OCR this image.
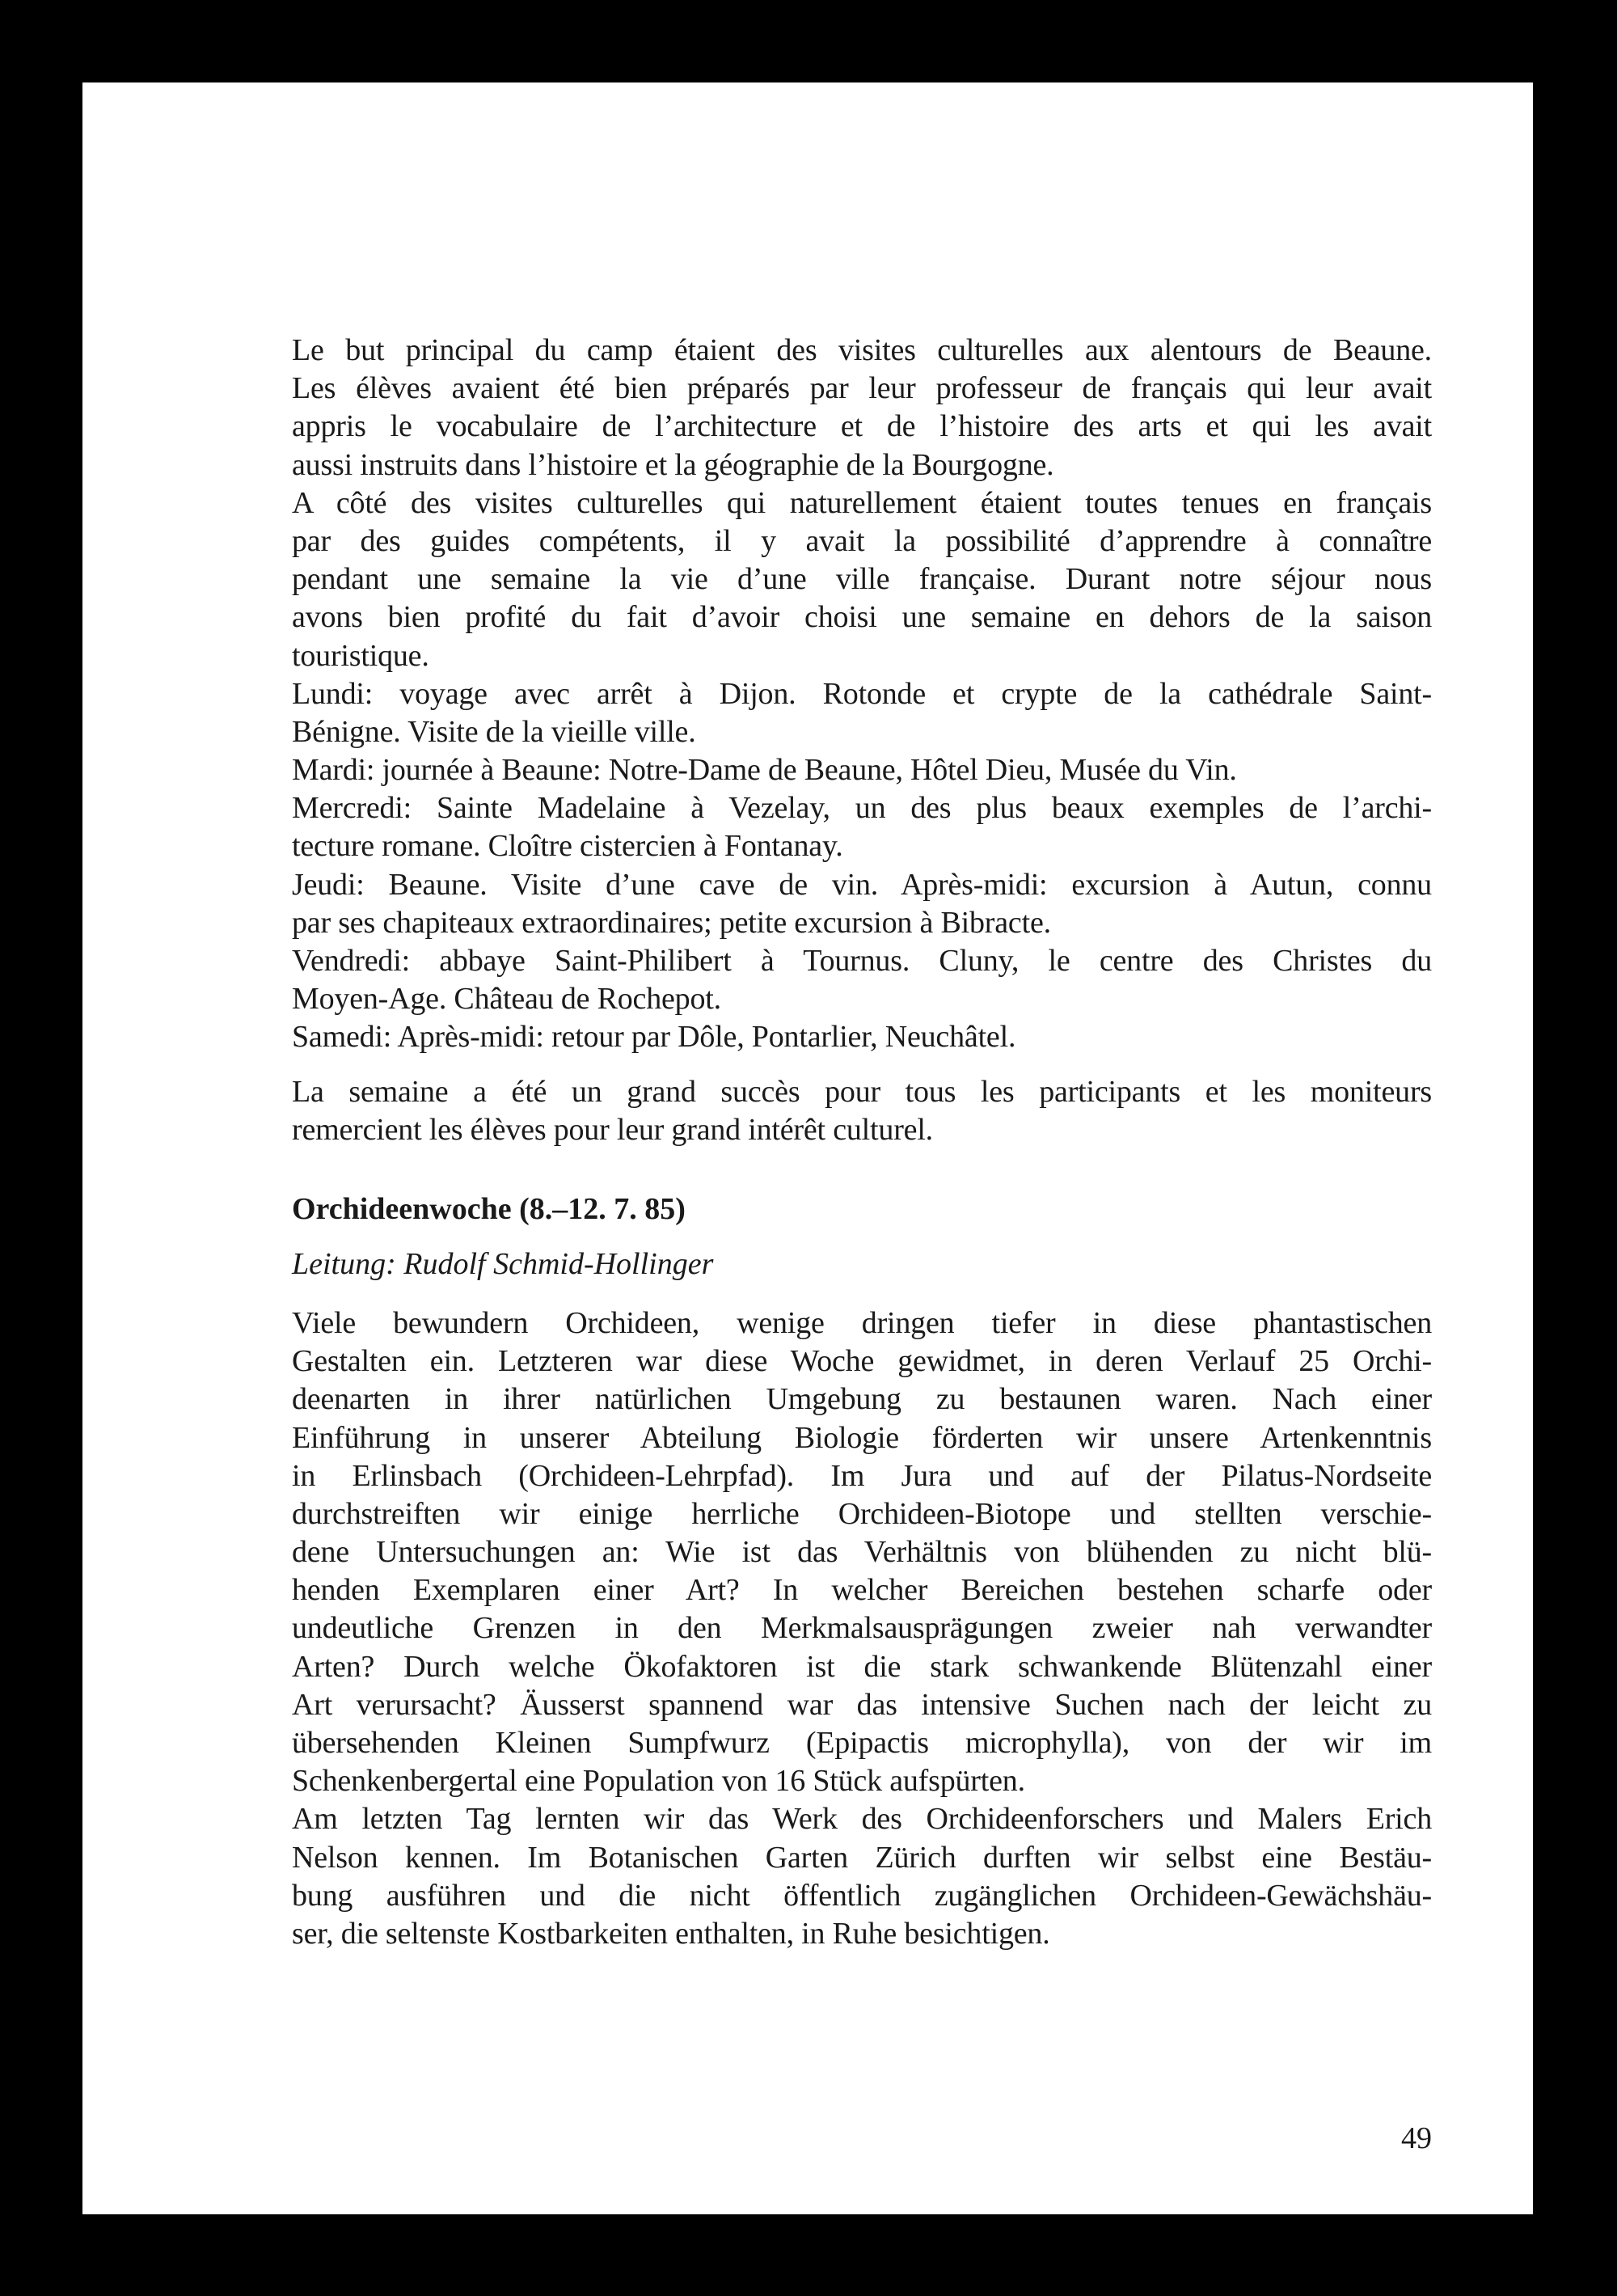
Le but principal du camp étaient des visites culturelles aux alentours de Beaune.
Les élèves avaient été bien préparés par leur professeur de français qui leur avait
appris le vocabulaire de l’architecture et de l’histoire des arts et qui les avait
aussi instruits dans l’histoire et la géographie de la Bourgogne.
A côté des visites culturelles qui naturellement étaient toutes tenues en français
par des guides compétents, il y avait la possibilité d’apprendre à connaître
pendant une semaine la vie d’une ville française. Durant notre séjour nous
avons bien profité du fait d’avoir choisi une semaine en dehors de la saison
touristique.
Lundi: voyage avec arrêt à Dijon. Rotonde et crypte de la cathédrale Saint-
Bénigne. Visite de la vieille ville.
Mardi: journée à Beaune: Notre-Dame de Beaune, Hôtel Dieu, Musée du Vin.
Mercredi: Sainte Madelaine à Vezelay, un des plus beaux exemples de l’archi-
tecture romane. Cloître cistercien à Fontanay.
Jeudi: Beaune. Visite d’une cave de vin. Après-midi: excursion à Autun, connu
par ses chapiteaux extraordinaires; petite excursion à Bibracte.
Vendredi: abbaye Saint-Philibert à Tournus. Cluny, le centre des Christes du
Moyen-Age. Château de Rochepot.
Samedi: Après-midi: retour par Dôle, Pontarlier, Neuchâtel.
La semaine a été un grand succès pour tous les participants et les moniteurs
remercient les élèves pour leur grand intérêt culturel.
Orchideenwoche (8.–12. 7. 85)
Leitung: Rudolf Schmid-Hollinger
Viele bewundern Orchideen, wenige dringen tiefer in diese phantastischen
Gestalten ein. Letzteren war diese Woche gewidmet, in deren Verlauf 25 Orchi-
deenarten in ihrer natürlichen Umgebung zu bestaunen waren. Nach einer
Einführung in unserer Abteilung Biologie förderten wir unsere Artenkenntnis
in Erlinsbach (Orchideen-Lehrpfad). Im Jura und auf der Pilatus-Nordseite
durchstreiften wir einige herrliche Orchideen-Biotope und stellten verschie-
dene Untersuchungen an: Wie ist das Verhältnis von blühenden zu nicht blü-
henden Exemplaren einer Art? In welcher Bereichen bestehen scharfe oder
undeutliche Grenzen in den Merkmalsausprägungen zweier nah verwandter
Arten? Durch welche Ökofaktoren ist die stark schwankende Blütenzahl einer
Art verursacht? Äusserst spannend war das intensive Suchen nach der leicht zu
übersehenden Kleinen Sumpfwurz (Epipactis microphylla), von der wir im
Schenkenbergertal eine Population von 16 Stück aufspürten.
Am letzten Tag lernten wir das Werk des Orchideenforschers und Malers Erich
Nelson kennen. Im Botanischen Garten Zürich durften wir selbst eine Bestäu-
bung ausführen und die nicht öffentlich zugänglichen Orchideen-Gewächshäu-
ser, die seltenste Kostbarkeiten enthalten, in Ruhe besichtigen.
49
